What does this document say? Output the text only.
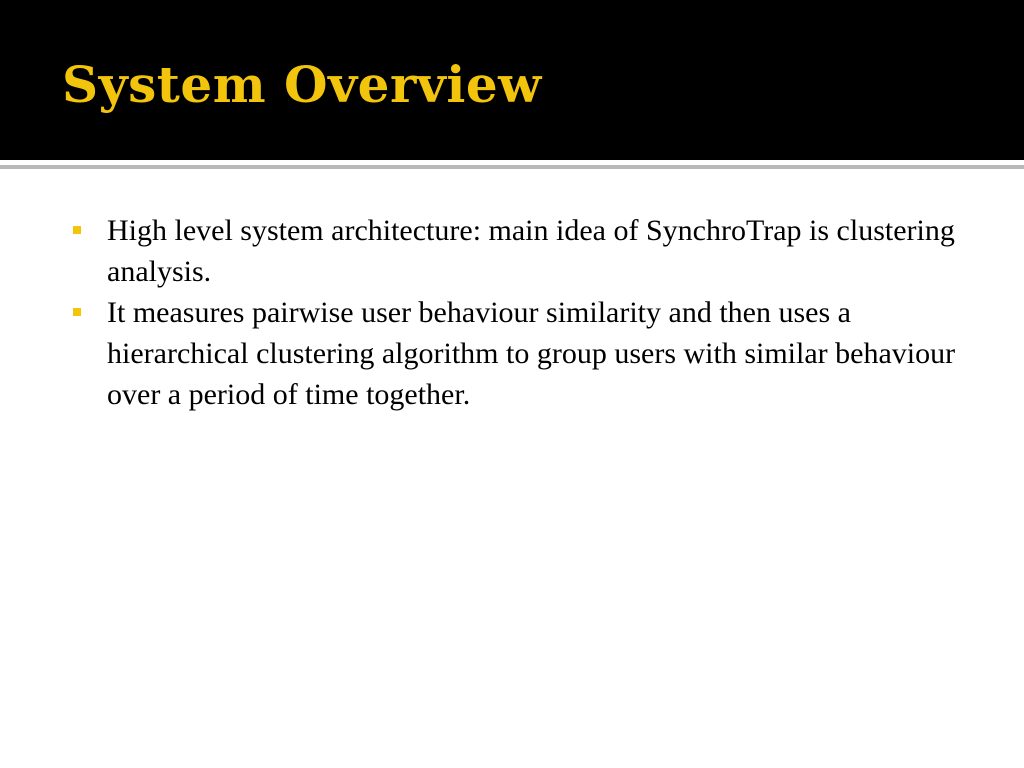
System Overview
High level system architecture: main idea of SynchroTrap is clustering analysis.
It measures pairwise user behaviour similarity and then uses a hierarchical clustering algorithm to group users with similar behaviour over a period of time together.
